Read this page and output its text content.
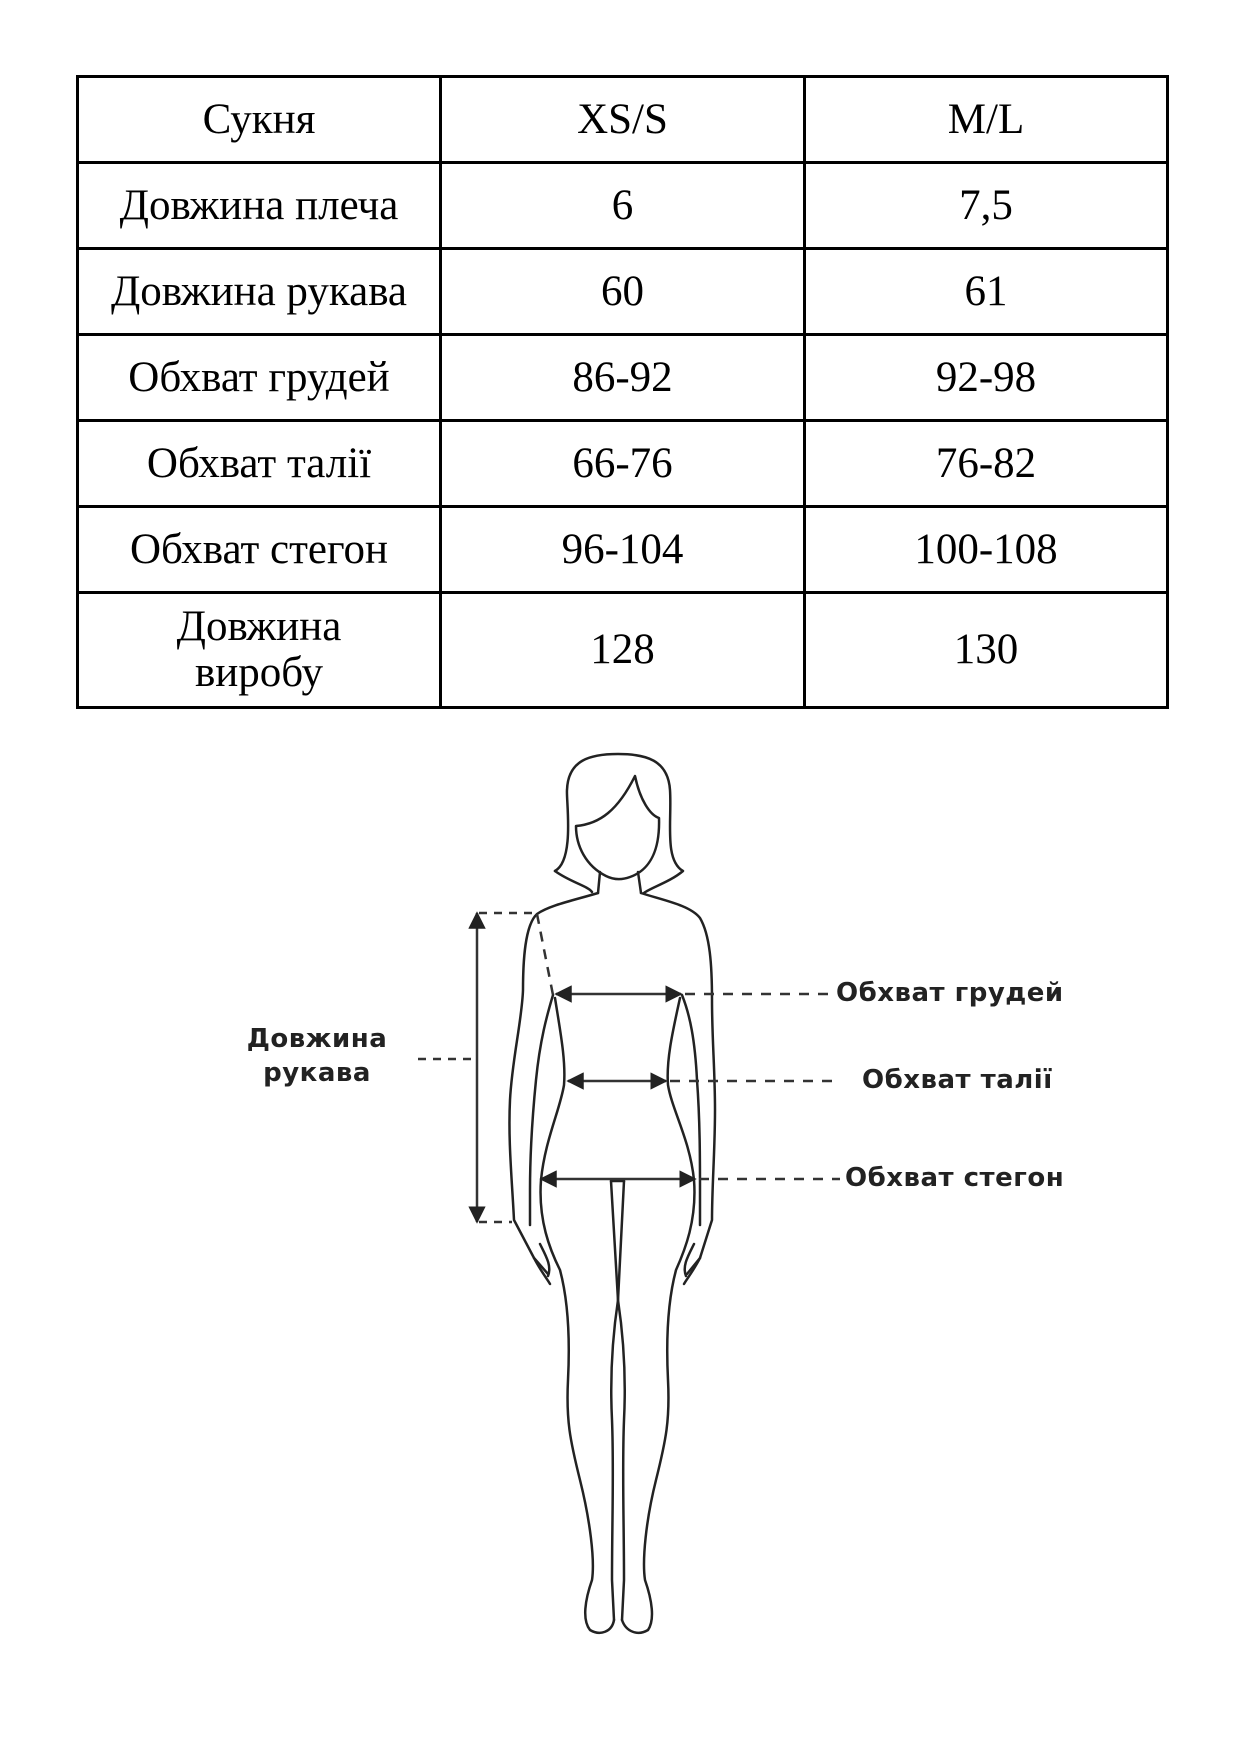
Сукня	XS/S	M/L
Довжина плеча	6	7,5
Довжина рукава	60	61
Обхват грудей	86-92	92-98
Обхват талії	66-76	76-82
Обхват стегон	96-104	100-108
Довжина
виробу	128	130
Довжина
рукава
Обхват грудей
Обхват талії
Обхват стегон
